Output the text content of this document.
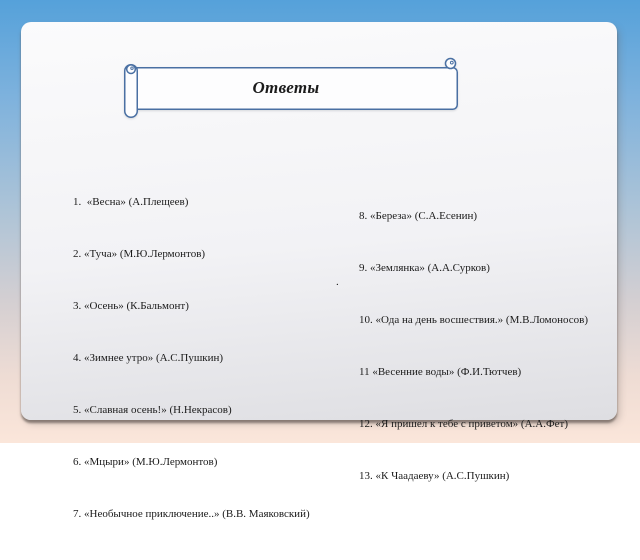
Ответы

1.  «Весна» (А.Плещеев)

2. «Туча» (М.Ю.Лермонтов)

3. «Осень» (К.Бальмонт)

4. «Зимнее утро» (А.С.Пушкин)

5. «Славная осень!» (Н.Некрасов)

6. «Мцыри» (М.Ю.Лермонтов)

7. «Необычное приключение..» (В.В. Маяковский)

8. «Береза» (С.А.Есенин)

9. «Землянка» (А.А.Сурков)

10. «Ода на день восшествия.» (М.В.Ломоносов)

11 «Весенние воды» (Ф.И.Тютчев)

12. «Я пришел к тебе с приветом» (А.А.Фет)

13. «К Чаадаеву» (А.С.Пушкин)

.
